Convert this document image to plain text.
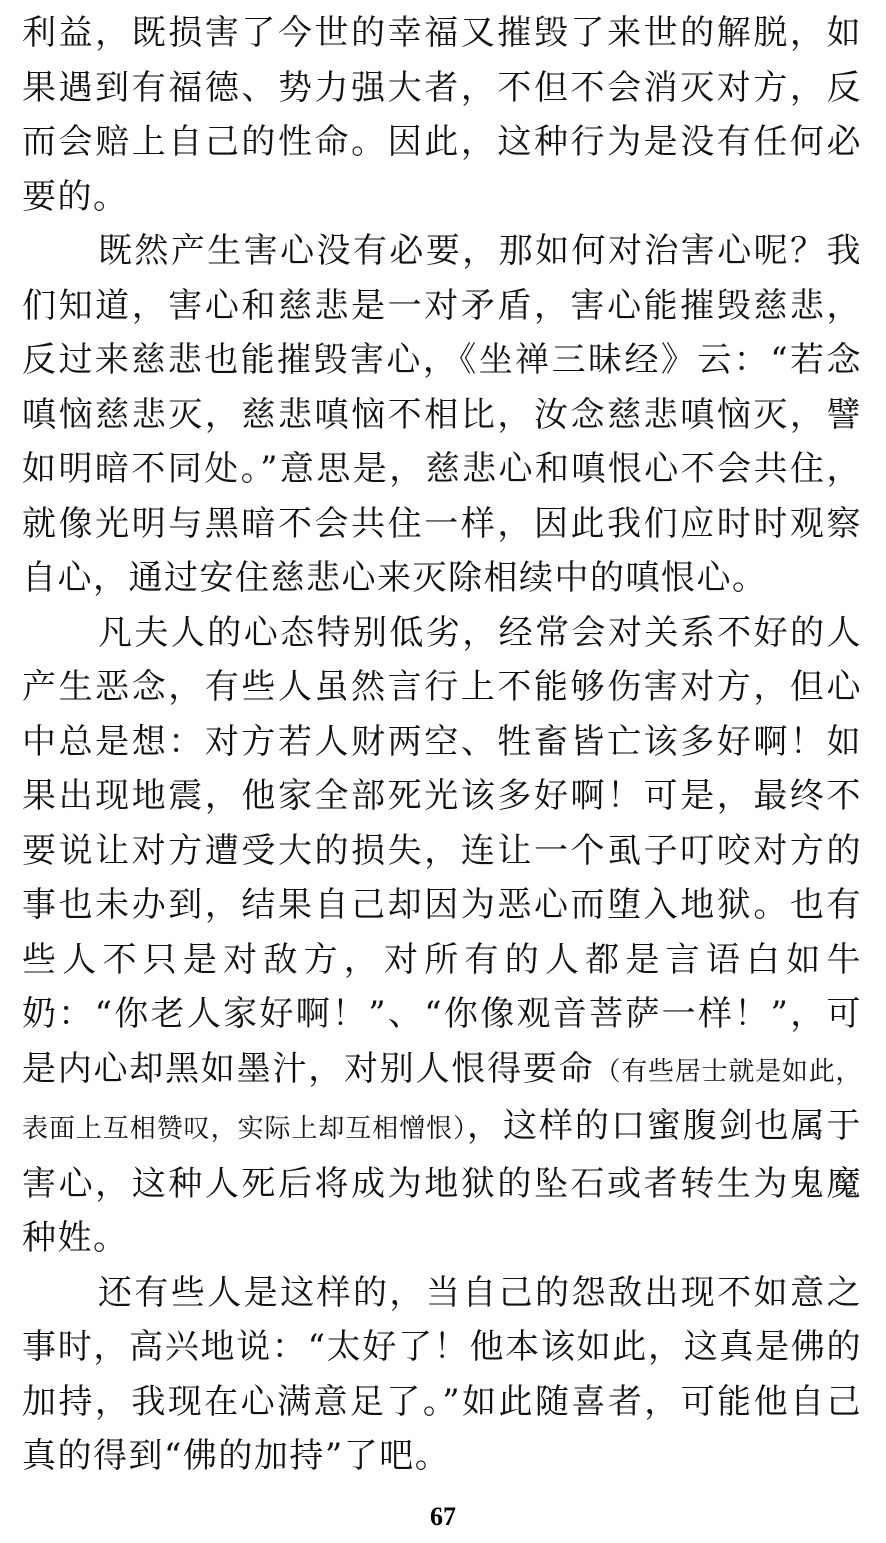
利益，既损害了今世的幸福又摧毁了来世的解脱，如果遇到有福德、势力强大者，不但不会消灭对方，反而会赔上自己的性命。因此，这种行为是没有任何必要的。

既然产生害心没有必要，那如何对治害心呢？我们知道，害心和慈悲是一对矛盾，害心能摧毁慈悲，反过来慈悲也能摧毁害心，《坐禅三昧经》云：“若念嗔恼慈悲灭，慈悲嗔恼不相比，汝念慈悲嗔恼灭，譬如明暗不同处。”意思是，慈悲心和嗔恨心不会共住，就像光明与黑暗不会共住一样，因此我们应时时观察自心，通过安住慈悲心来灭除相续中的嗔恨心。

凡夫人的心态特别低劣，经常会对关系不好的人产生恶念，有些人虽然言行上不能够伤害对方，但心中总是想：对方若人财两空、牲畜皆亡该多好啊！如果出现地震，他家全部死光该多好啊！可是，最终不要说让对方遭受大的损失，连让一个虱子叮咬对方的事也未办到，结果自己却因为恶心而堕入地狱。也有些人不只是对敌方，对所有的人都是言语白如牛奶：“你老人家好啊！”、“你像观音菩萨一样！”，可是内心却黑如墨汁，对别人恨得要命（有些居士就是如此，表面上互相赞叹，实际上却互相憎恨），这样的口蜜腹剑也属于害心，这种人死后将成为地狱的坠石或者转生为鬼魔种姓。

还有些人是这样的，当自己的怨敌出现不如意之事时，高兴地说：“太好了！他本该如此，这真是佛的加持，我现在心满意足了。”如此随喜者，可能他自己真的得到“佛的加持”了吧。

67
